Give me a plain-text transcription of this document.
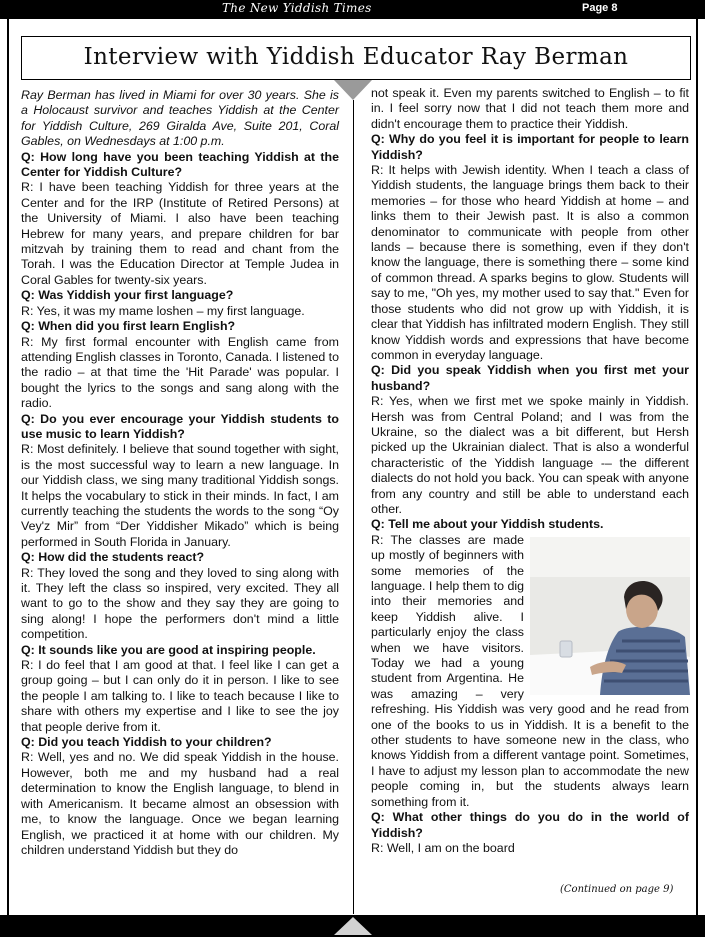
The New Yiddish Times	Page 8
Interview with Yiddish Educator Ray Berman

Ray Berman has lived in Miami for over 30 years. She is a Holocaust survivor and teaches Yiddish at the Center for Yiddish Culture, 269 Giralda Ave, Suite 201, Coral Gables, on Wednesdays at 1:00 p.m.

Q: How long have you been teaching Yiddish at the Center for Yiddish Culture?

R: I have been teaching Yiddish for three years at the Center and for the IRP (Institute of Retired Persons) at the University of Miami. I also have been teaching Hebrew for many years, and prepare children for bar mitzvah by training them to read and chant from the Torah. I was the Education Director at Temple Judea in Coral Gables for twenty-six years.

Q: Was Yiddish your first language?

R: Yes, it was my mame loshen – my first language.

Q: When did you first learn English?

R: My first formal encounter with English came from attending English classes in Toronto, Canada. I listened to the radio – at that time the 'Hit Parade' was popular. I bought the lyrics to the songs and sang along with the radio.

Q: Do you ever encourage your Yiddish students to use music to learn Yiddish?

R: Most definitely. I believe that sound together with sight, is the most successful way to learn a new language. In our Yiddish class, we sing many traditional Yiddish songs. It helps the vocabulary to stick in their minds. In fact, I am currently teaching the students the words to the song “Oy Vey'z Mir” from “Der Yiddisher Mikado” which is being performed in South Florida in January.

Q: How did the students react?

R: They loved the song and they loved to sing along with it. They left the class so inspired, very excited. They all want to go to the show and they say they are going to sing along! I hope the performers don't mind a little competition.

Q: It sounds like you are good at inspiring people.

R: I do feel that I am good at that. I feel like I can get a group going – but I can only do it in person. I like to see the people I am talking to. I like to teach because I like to share with others my expertise and I like to see the joy that people derive from it.

Q: Did you teach Yiddish to your children?

R: Well, yes and no. We did speak Yiddish in the house. However, both me and my husband had a real determination to know the English language, to blend in with Americanism. It became almost an obsession with me, to know the language. Once we began learning English, we practiced it at home with our children. My children understand Yiddish but they do

not speak it. Even my parents switched to English – to fit in. I feel sorry now that I did not teach them more and didn't encourage them to practice their Yiddish.

Q: Why do you feel it is important for people to learn Yiddish?

R: It helps with Jewish identity. When I teach a class of Yiddish students, the language brings them back to their memories – for those who heard Yiddish at home – and links them to their Jewish past. It is also a common denominator to communicate with people from other lands – because there is something, even if they don't know the language, there is something there – some kind of common thread. A sparks begins to glow. Students will say to me, "Oh yes, my mother used to say that." Even for those students who did not grow up with Yiddish, it is clear that Yiddish has infiltrated modern English. They still know Yiddish words and expressions that have become common in everyday language.

Q: Did you speak Yiddish when you first met your husband?

R: Yes, when we first met we spoke mainly in Yiddish. Hersh was from Central Poland; and I was from the Ukraine, so the dialect was a bit different, but Hersh picked up the Ukrainian dialect. That is also a wonderful characteristic of the Yiddish language -– the different dialects do not hold you back. You can speak with anyone from any country and still be able to understand each other.

Q: Tell me about your Yiddish students.

R: The classes are made up mostly of beginners with some memories of the language. I help them to dig into their memories and keep Yiddish alive. I particularly enjoy the class when we have visitors. Today we had a young student from Argentina. He was amazing – very refreshing. His Yiddish was very good and he read from one of the books to us in Yiddish. It is a benefit to the other students to have someone new in the class, who knows Yiddish from a different vantage point. Sometimes, I have to adjust my lesson plan to accommodate the new people coming in, but the students always learn something from it.

Q: What other things do you do in the world of Yiddish?

R: Well, I am on the board

(Continued on page 9)
